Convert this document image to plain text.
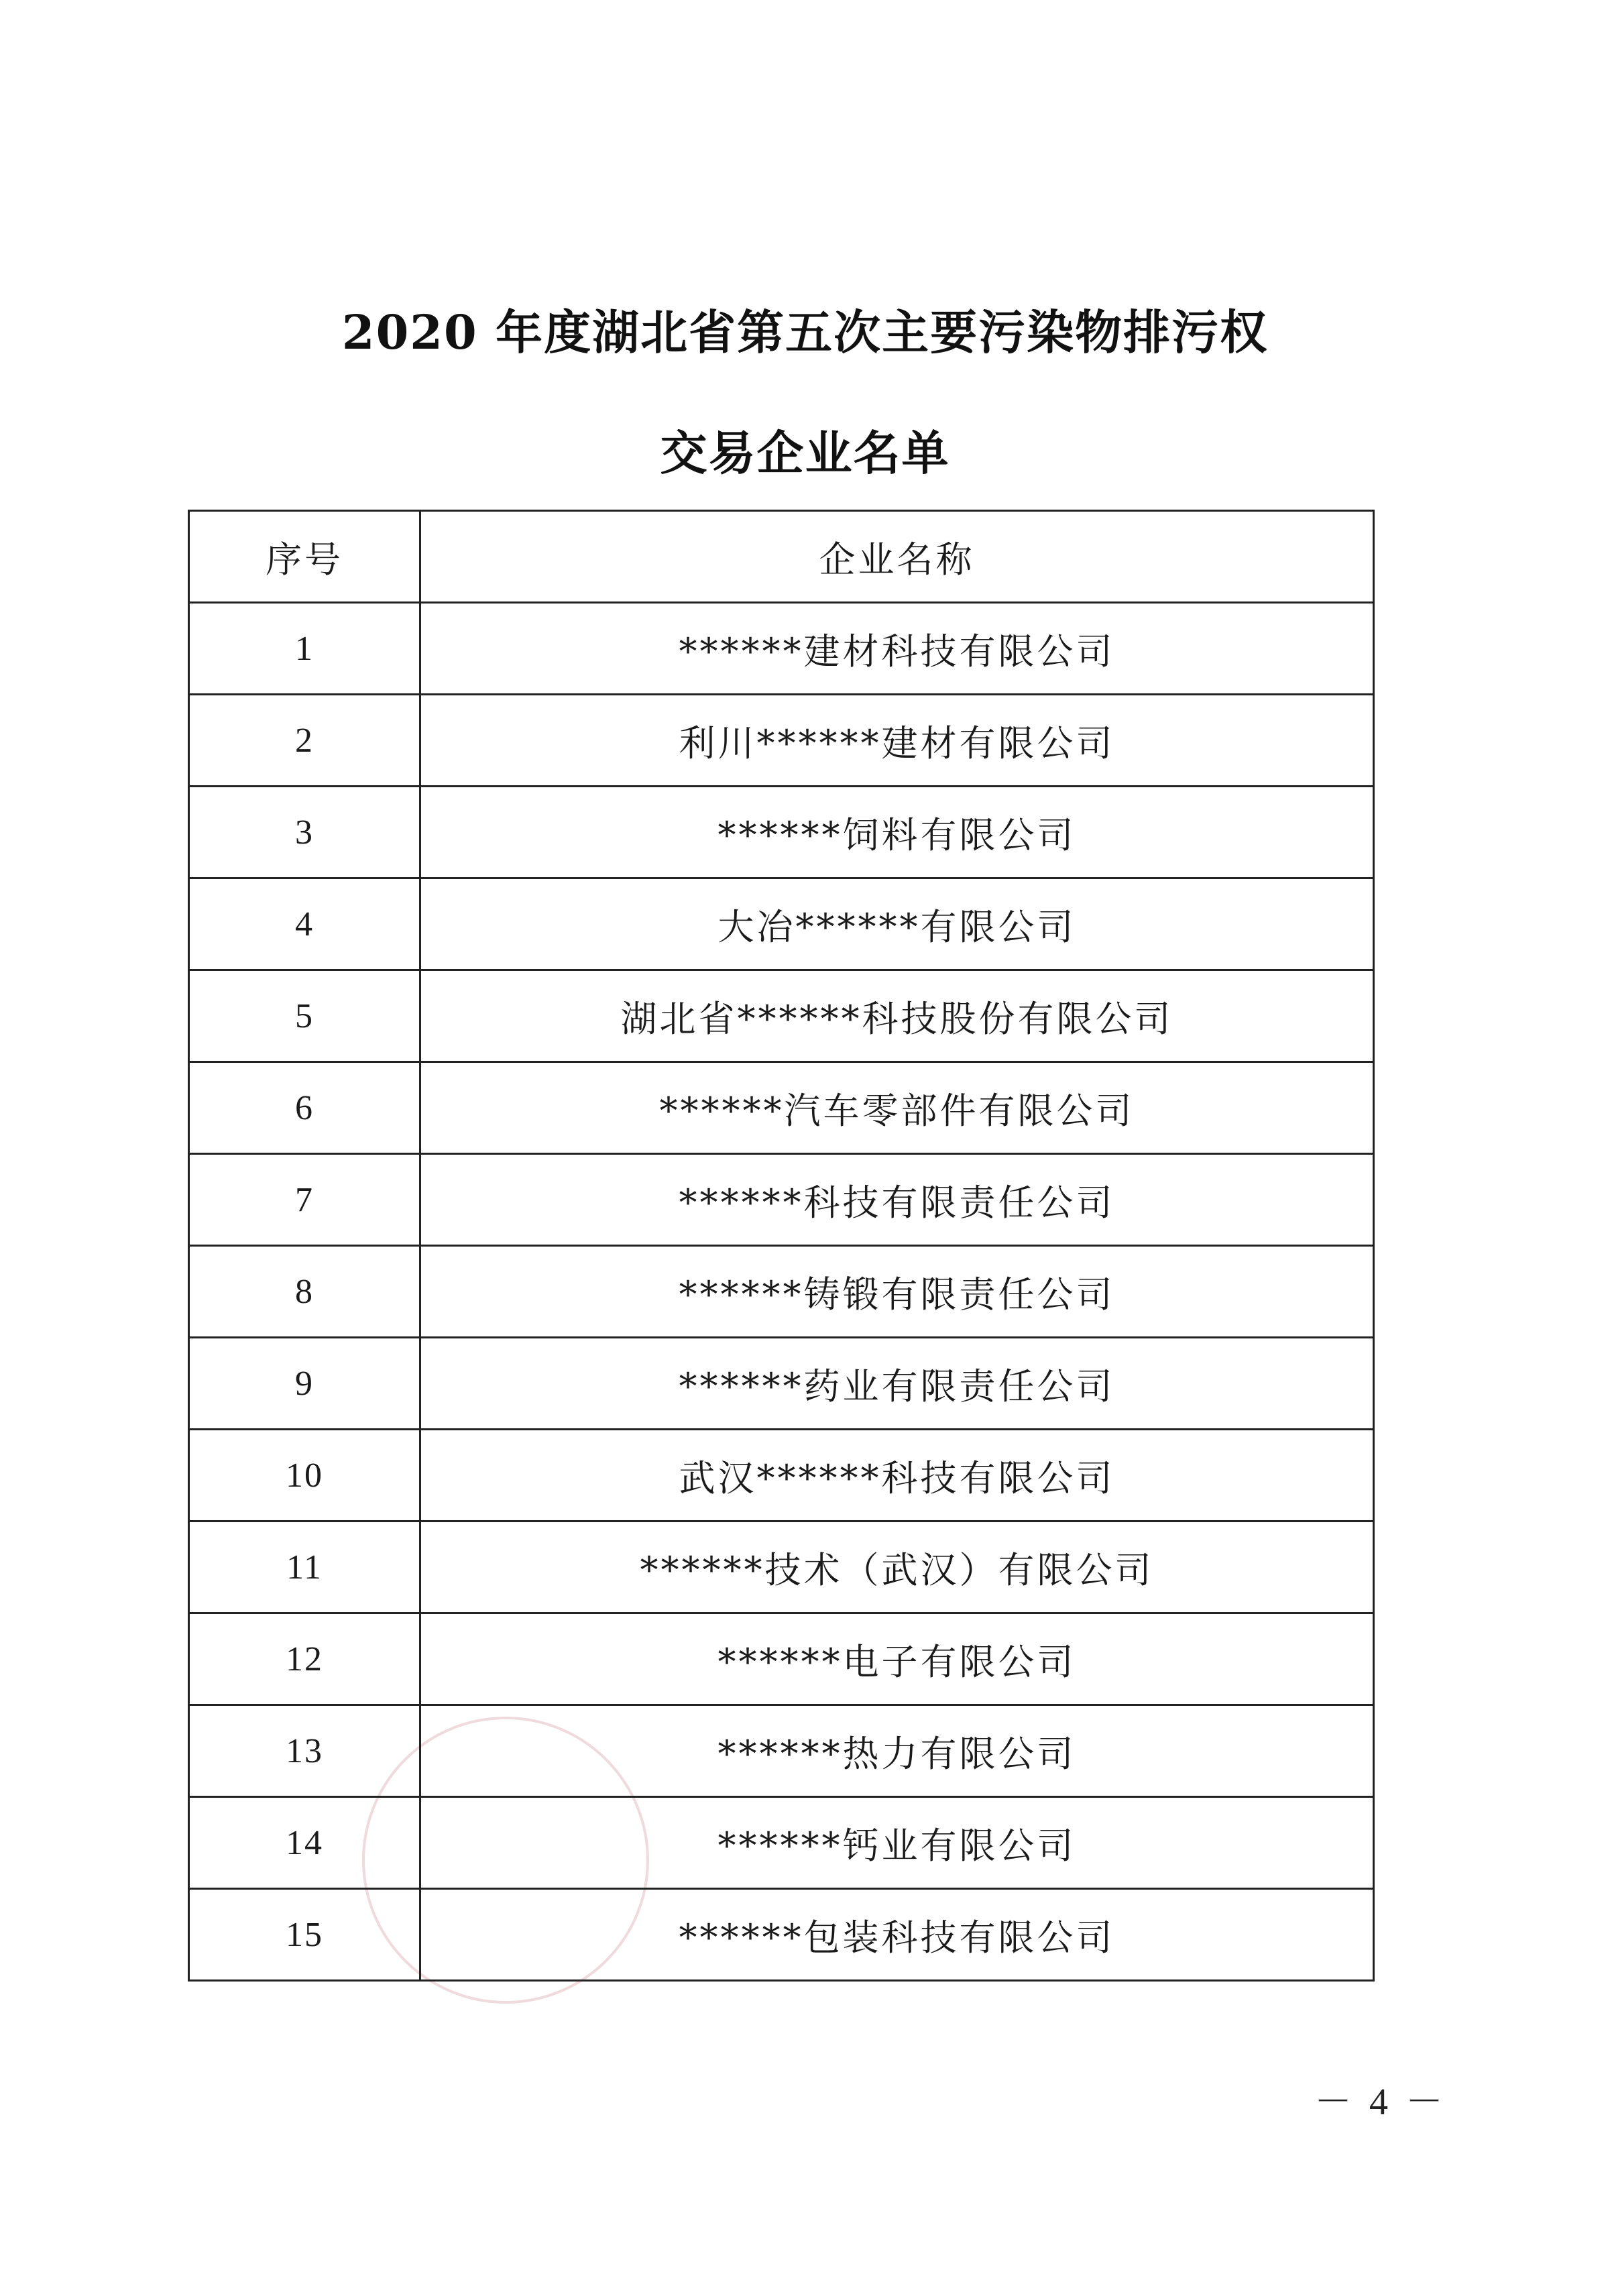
2020 年度湖北省第五次主要污染物排污权
交易企业名单
序号	企业名称
1	******建材科技有限公司
2	利川******建材有限公司
3	******饲料有限公司
4	大冶******有限公司
5	湖北省******科技股份有限公司
6	******汽车零部件有限公司
7	******科技有限责任公司
8	******铸锻有限责任公司
9	******药业有限责任公司
10	武汉******科技有限公司
11	******技术（武汉）有限公司
12	******电子有限公司
13	******热力有限公司
14	******钙业有限公司
15	******包装科技有限公司
－ 4 －
